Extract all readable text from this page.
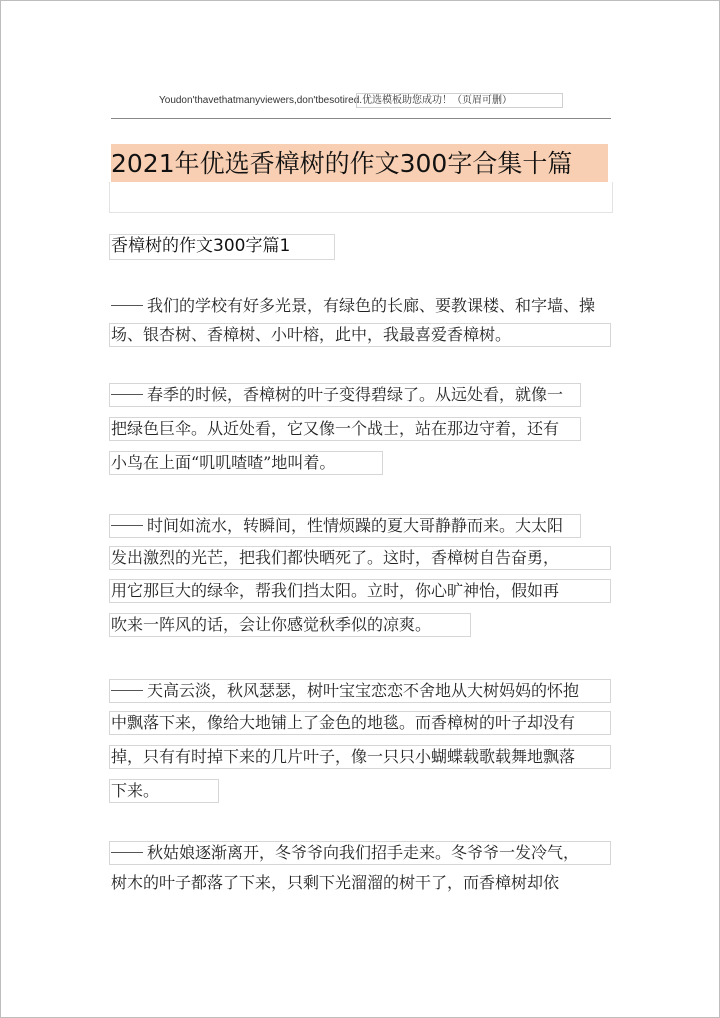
Youdon'thavethatmanyviewers,don'tbesotired.优选模板助您成功！（页眉可删）
2021年优选香樟树的作文300字合集十篇
香樟树的作文300字篇1
我们的学校有好多光景，有绿色的长廊、要教课楼、和字墙、操
场、银杏树、香樟树、小叶榕，此中，我最喜爱香樟树。
春季的时候，香樟树的叶子变得碧绿了。从远处看，就像一
把绿色巨伞。从近处看，它又像一个战士，站在那边守着，还有
小鸟在上面“叽叽喳喳”地叫着。
时间如流水，转瞬间，性情烦躁的夏大哥静静而来。大太阳
发出激烈的光芒，把我们都快晒死了。这时，香樟树自告奋勇，
用它那巨大的绿伞，帮我们挡太阳。立时，你心旷神怡，假如再
吹来一阵风的话，会让你感觉秋季似的凉爽。
天高云淡，秋风瑟瑟，树叶宝宝恋恋不舍地从大树妈妈的怀抱
中飘落下来，像给大地铺上了金色的地毯。而香樟树的叶子却没有
掉，只有有时掉下来的几片叶子，像一只只小蝴蝶载歌载舞地飘落
下来。
秋姑娘逐渐离开，冬爷爷向我们招手走来。冬爷爷一发冷气，
树木的叶子都落了下来，只剩下光溜溜的树干了，而香樟树却依
